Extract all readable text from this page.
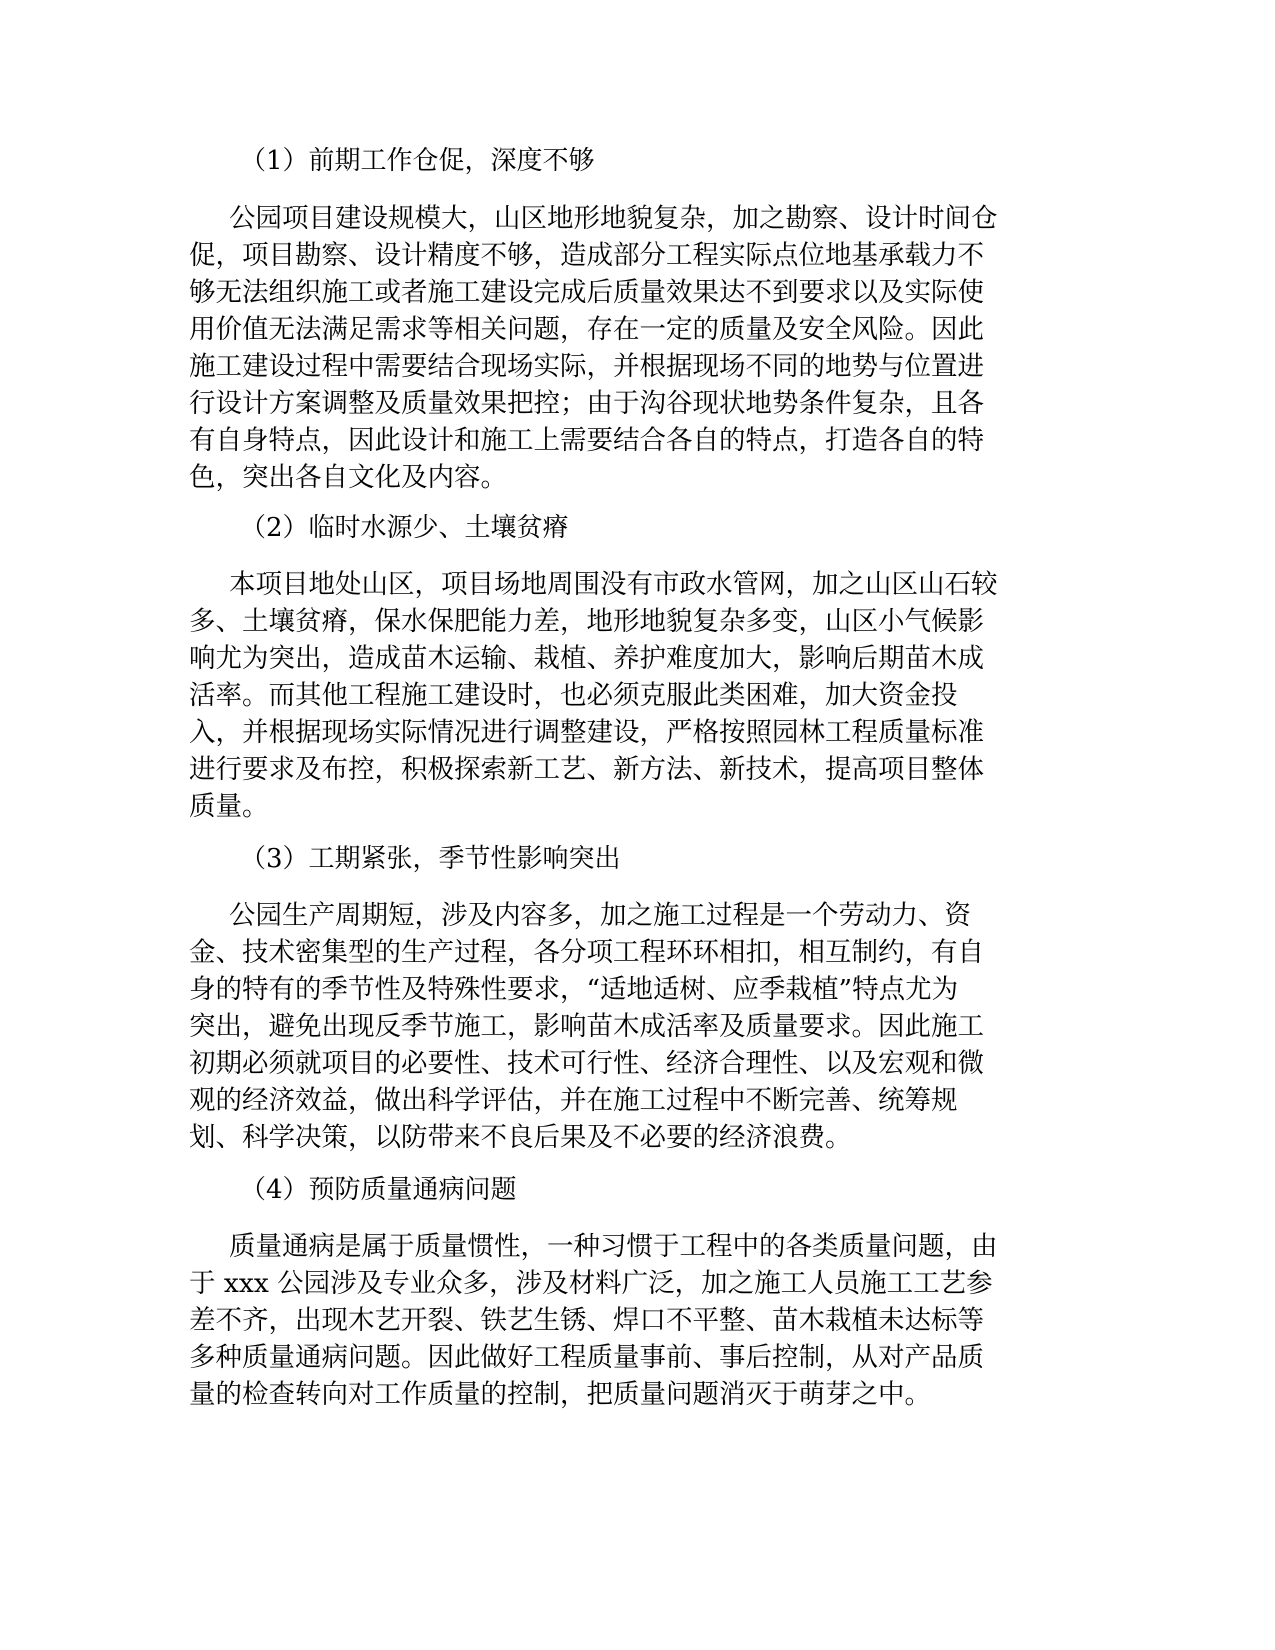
（1）前期工作仓促，深度不够
公园项目建设规模大，山区地形地貌复杂，加之勘察、设计时间仓
促，项目勘察、设计精度不够，造成部分工程实际点位地基承载力不
够无法组织施工或者施工建设完成后质量效果达不到要求以及实际使
用价值无法满足需求等相关问题，存在一定的质量及安全风险。因此
施工建设过程中需要结合现场实际，并根据现场不同的地势与位置进
行设计方案调整及质量效果把控；由于沟谷现状地势条件复杂，且各
有自身特点，因此设计和施工上需要结合各自的特点，打造各自的特
色，突出各自文化及内容。
（2）临时水源少、土壤贫瘠
本项目地处山区，项目场地周围没有市政水管网，加之山区山石较
多、土壤贫瘠，保水保肥能力差，地形地貌复杂多变，山区小气候影
响尤为突出，造成苗木运输、栽植、养护难度加大，影响后期苗木成
活率。而其他工程施工建设时，也必须克服此类困难，加大资金投
入，并根据现场实际情况进行调整建设，严格按照园林工程质量标准
进行要求及布控，积极探索新工艺、新方法、新技术，提高项目整体
质量。
（3）工期紧张，季节性影响突出
公园生产周期短，涉及内容多，加之施工过程是一个劳动力、资
金、技术密集型的生产过程，各分项工程环环相扣，相互制约，有自
身的特有的季节性及特殊性要求，“适地适树、应季栽植”特点尤为
突出，避免出现反季节施工，影响苗木成活率及质量要求。因此施工
初期必须就项目的必要性、技术可行性、经济合理性、以及宏观和微
观的经济效益，做出科学评估，并在施工过程中不断完善、统筹规
划、科学决策，以防带来不良后果及不必要的经济浪费。
（4）预防质量通病问题
质量通病是属于质量惯性，一种习惯于工程中的各类质量问题，由
于 xxx 公园涉及专业众多，涉及材料广泛，加之施工人员施工工艺参
差不齐，出现木艺开裂、铁艺生锈、焊口不平整、苗木栽植未达标等
多种质量通病问题。因此做好工程质量事前、事后控制，从对产品质
量的检查转向对工作质量的控制，把质量问题消灭于萌芽之中。
